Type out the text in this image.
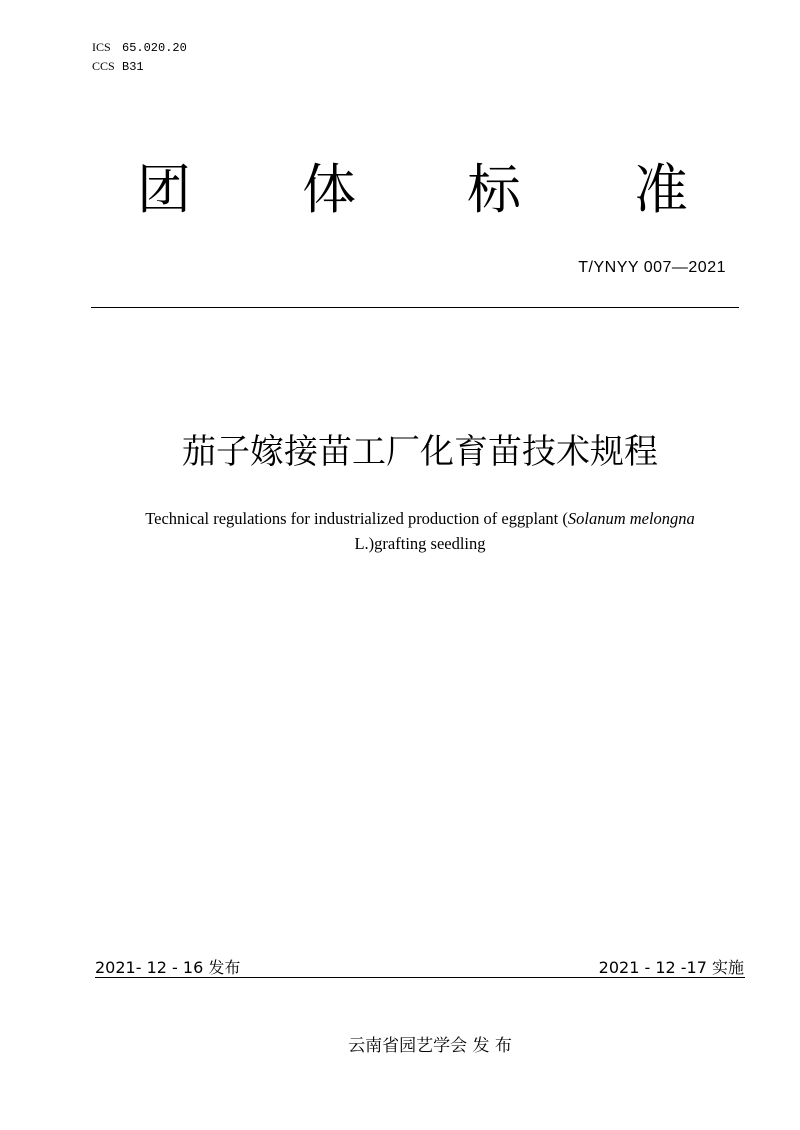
ICS 65.020.20
CCS B31
团 体 标 准
T/YNYY 007—2021
茄子嫁接苗工厂化育苗技术规程
Technical regulations for industrialized production of eggplant (Solanum melongna
L.)grafting seedling
2021- 12 - 16 发布	2021 - 12 -17 实施
云南省园艺学会 发 布
